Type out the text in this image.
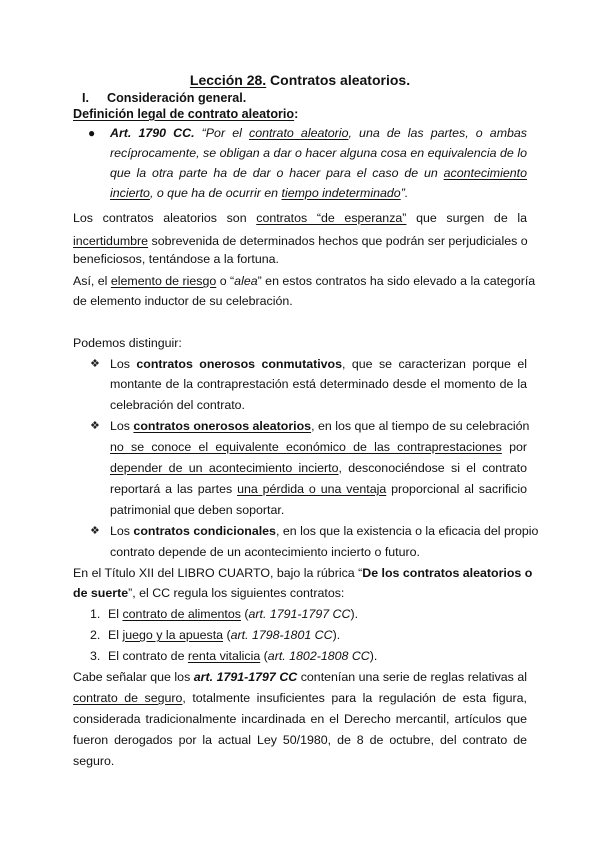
Lección 28. Contratos aleatorios.
I. Consideración general.
Definición legal de contrato aleatorio:
● Art. 1790 CC. “Por el contrato aleatorio, una de las partes, o ambas
recíprocamente, se obligan a dar o hacer alguna cosa en equivalencia de lo
que la otra parte ha de dar o hacer para el caso de un acontecimiento
incierto, o que ha de ocurrir en tiempo indeterminado”.
Los contratos aleatorios son contratos “de esperanza” que surgen de la
incertidumbre sobrevenida de determinados hechos que podrán ser perjudiciales o
beneficiosos, tentándose a la fortuna.
Así, el elemento de riesgo o “alea” en estos contratos ha sido elevado a la categoría
de elemento inductor de su celebración.
Podemos distinguir:
❖ Los contratos onerosos conmutativos, que se caracterizan porque el
montante de la contraprestación está determinado desde el momento de la
celebración del contrato.
❖ Los contratos onerosos aleatorios, en los que al tiempo de su celebración
no se conoce el equivalente económico de las contraprestaciones por
depender de un acontecimiento incierto, desconociéndose si el contrato
reportará a las partes una pérdida o una ventaja proporcional al sacrificio
patrimonial que deben soportar.
❖ Los contratos condicionales, en los que la existencia o la eficacia del propio
contrato depende de un acontecimiento incierto o futuro.
En el Título XII del LIBRO CUARTO, bajo la rúbrica “De los contratos aleatorios o
de suerte”, el CC regula los siguientes contratos:
1. El contrato de alimentos (art. 1791-1797 CC).
2. El juego y la apuesta (art. 1798-1801 CC).
3. El contrato de renta vitalicia (art. 1802-1808 CC).
Cabe señalar que los art. 1791-1797 CC contenían una serie de reglas relativas al
contrato de seguro, totalmente insuficientes para la regulación de esta figura,
considerada tradicionalmente incardinada en el Derecho mercantil, artículos que
fueron derogados por la actual Ley 50/1980, de 8 de octubre, del contrato de
seguro.
